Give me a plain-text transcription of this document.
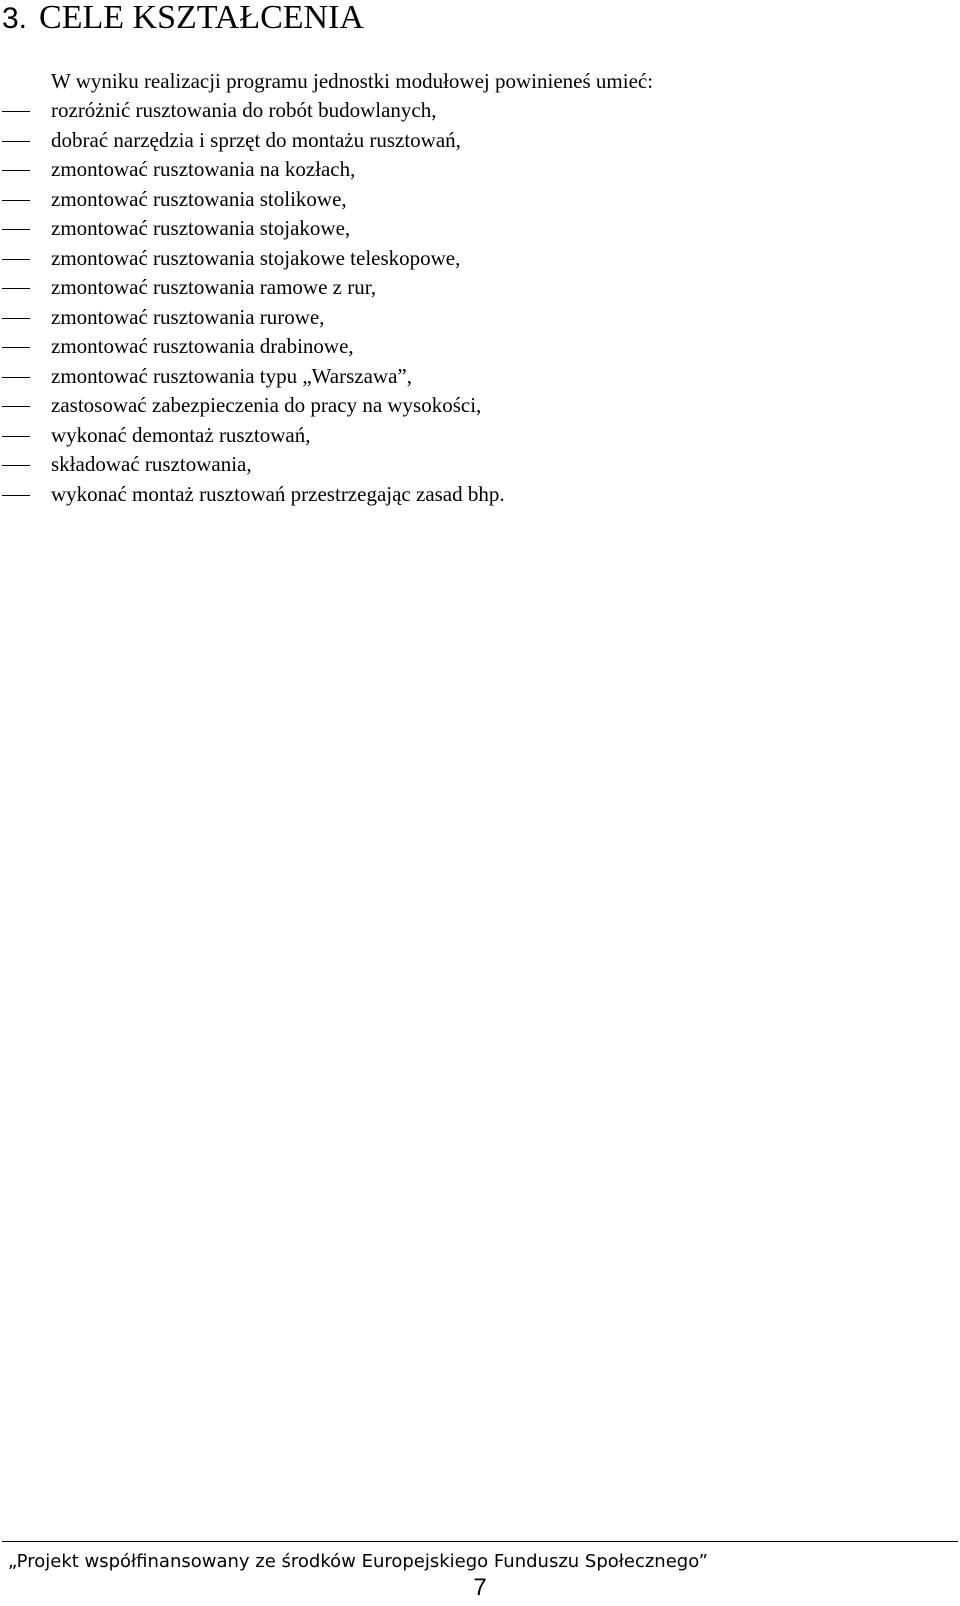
3. CELE KSZTAŁCENIA
W wyniku realizacji programu jednostki modułowej powinieneś umieć:
rozróżnić rusztowania do robót budowlanych,
dobrać narzędzia i sprzęt do montażu rusztowań,
zmontować rusztowania na kozłach,
zmontować rusztowania stolikowe,
zmontować rusztowania stojakowe,
zmontować rusztowania stojakowe teleskopowe,
zmontować rusztowania ramowe z rur,
zmontować rusztowania rurowe,
zmontować rusztowania drabinowe,
zmontować rusztowania typu „Warszawa”,
zastosować zabezpieczenia do pracy na wysokości,
wykonać demontaż rusztowań,
składować rusztowania,
wykonać montaż rusztowań przestrzegając zasad bhp.
„Projekt współfinansowany ze środków Europejskiego Funduszu Społecznego”
7
